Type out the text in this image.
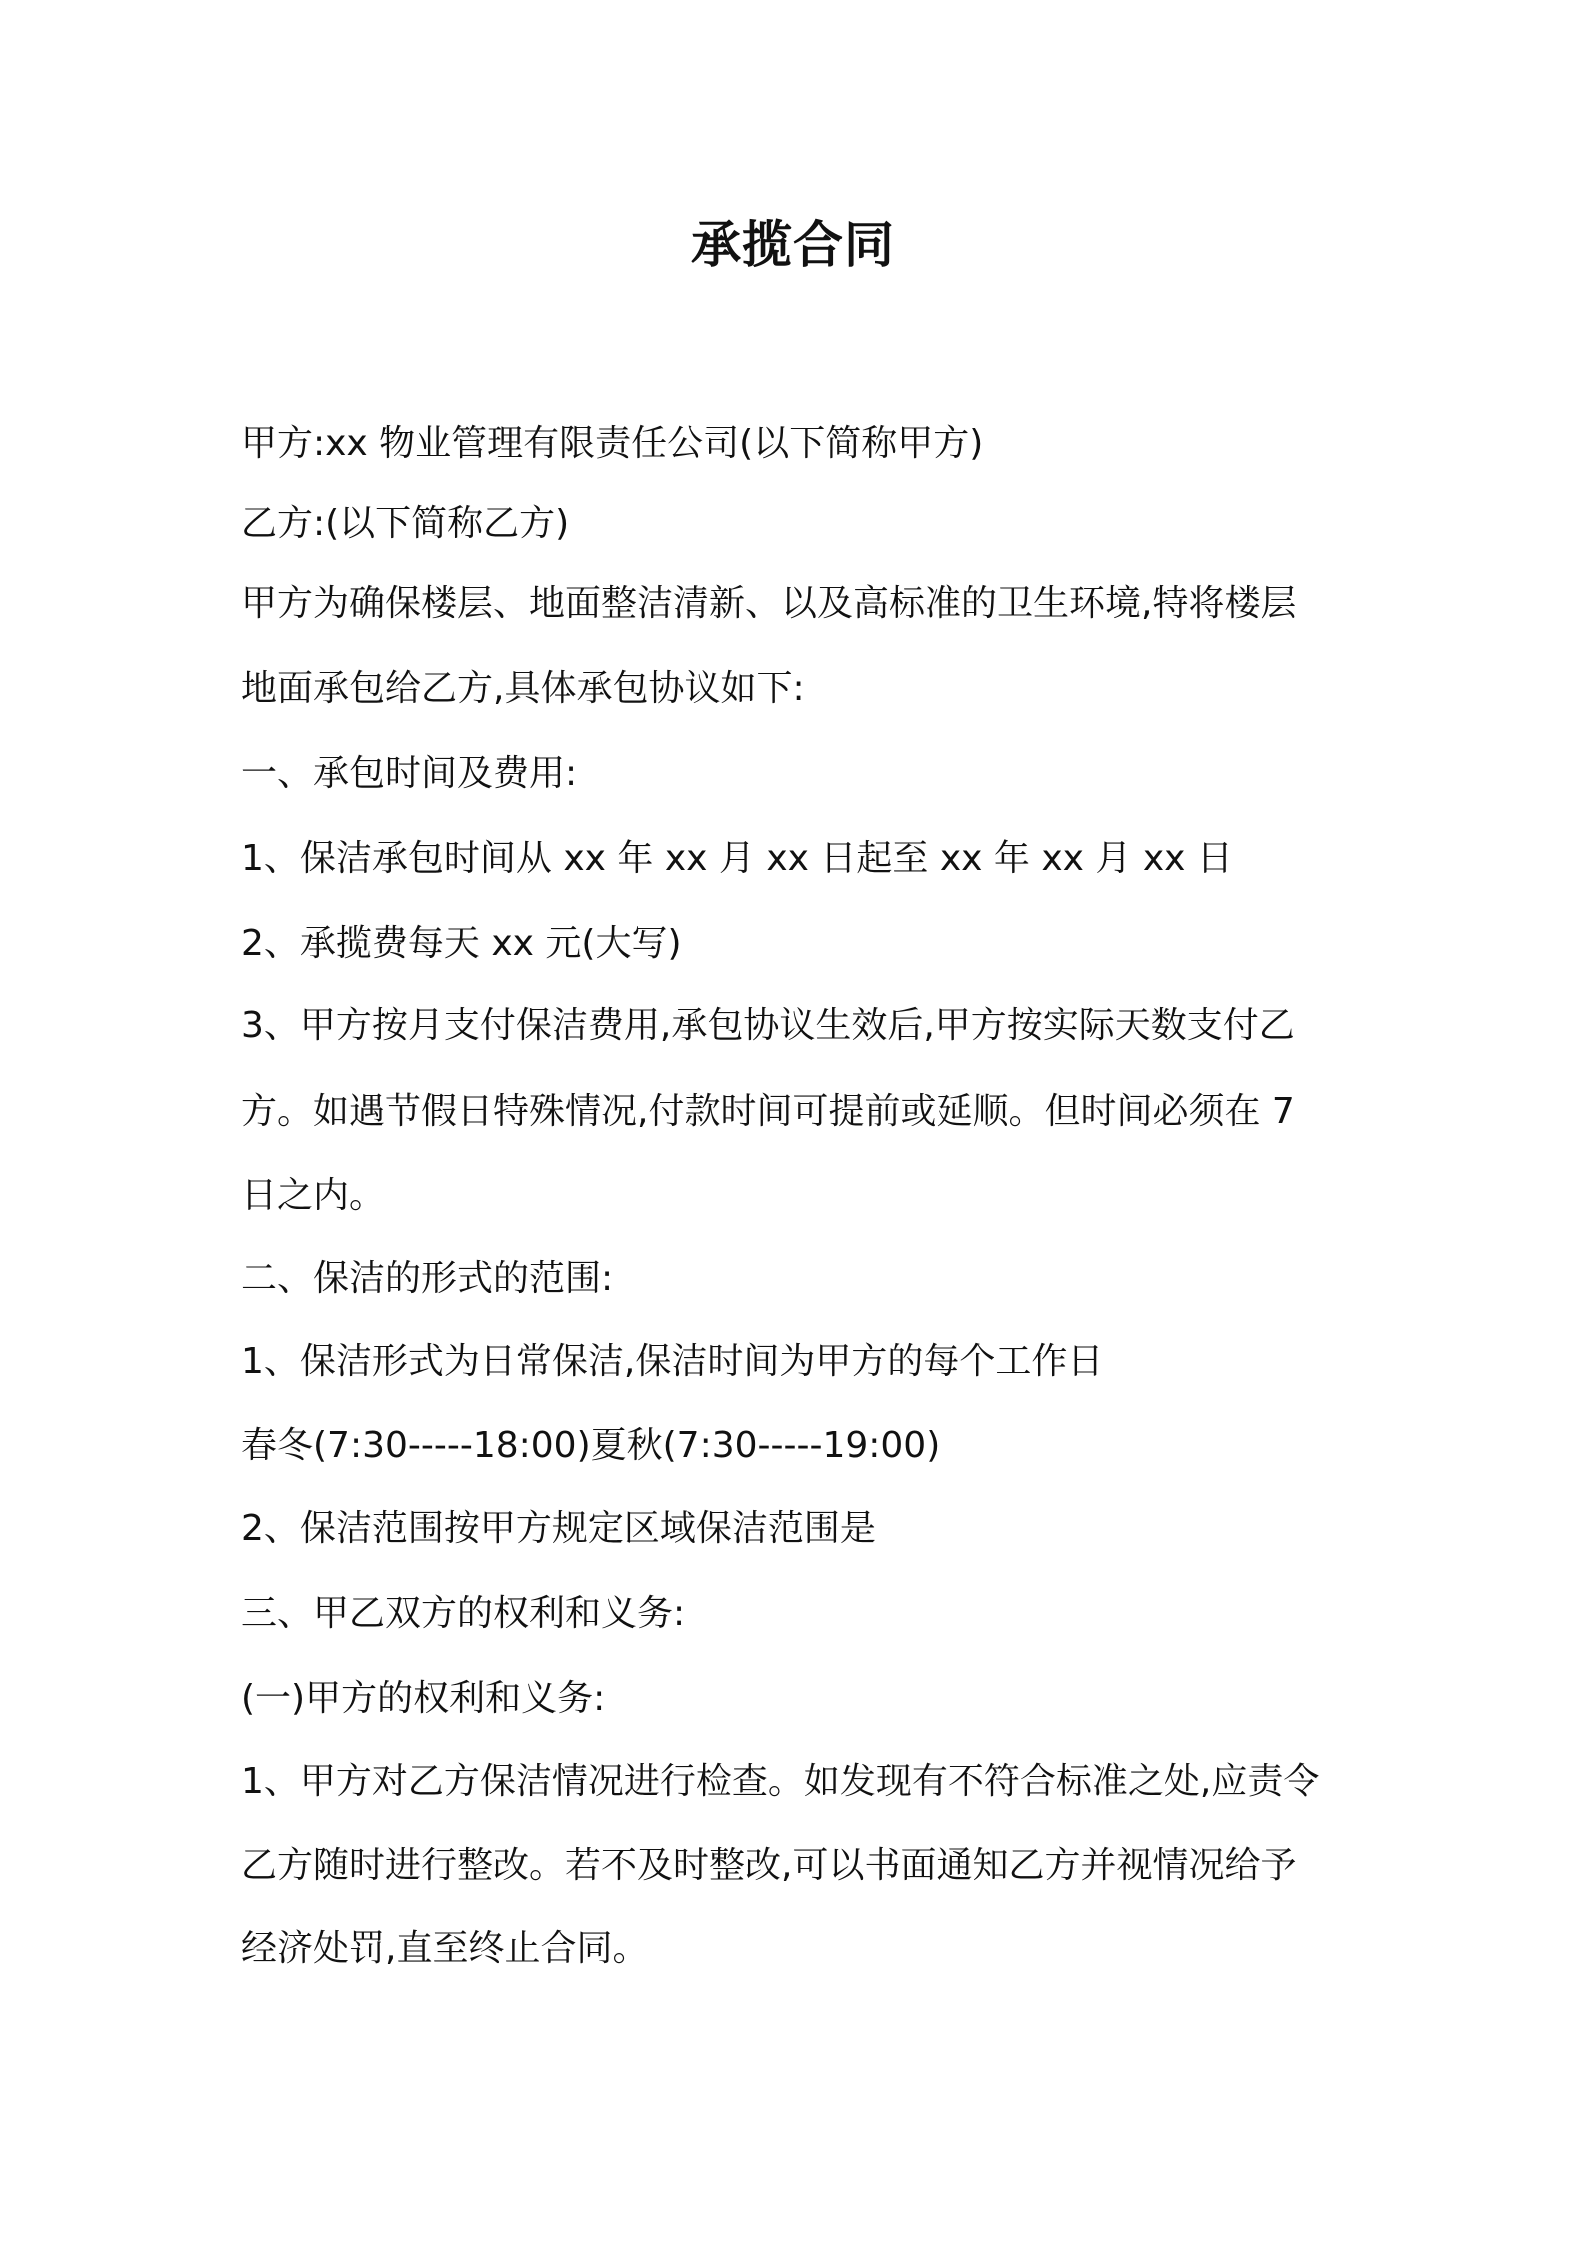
承揽合同
甲方:xx 物业管理有限责任公司(以下简称甲方)
乙方:(以下简称乙方)
甲方为确保楼层、地面整洁清新、以及高标准的卫生环境,特将楼层
地面承包给乙方,具体承包协议如下:
一、承包时间及费用:
1、保洁承包时间从 xx 年 xx 月 xx 日起至 xx 年 xx 月 xx 日
2、承揽费每天 xx 元(大写)
3、甲方按月支付保洁费用,承包协议生效后,甲方按实际天数支付乙
方。如遇节假日特殊情况,付款时间可提前或延顺。但时间必须在 7
日之内。
二、保洁的形式的范围:
1、保洁形式为日常保洁,保洁时间为甲方的每个工作日
春冬(7:30-----18:00)夏秋(7:30-----19:00)
2、保洁范围按甲方规定区域保洁范围是
三、甲乙双方的权利和义务:
(一)甲方的权利和义务:
1、甲方对乙方保洁情况进行检查。如发现有不符合标准之处,应责令
乙方随时进行整改。若不及时整改,可以书面通知乙方并视情况给予
经济处罚,直至终止合同。
